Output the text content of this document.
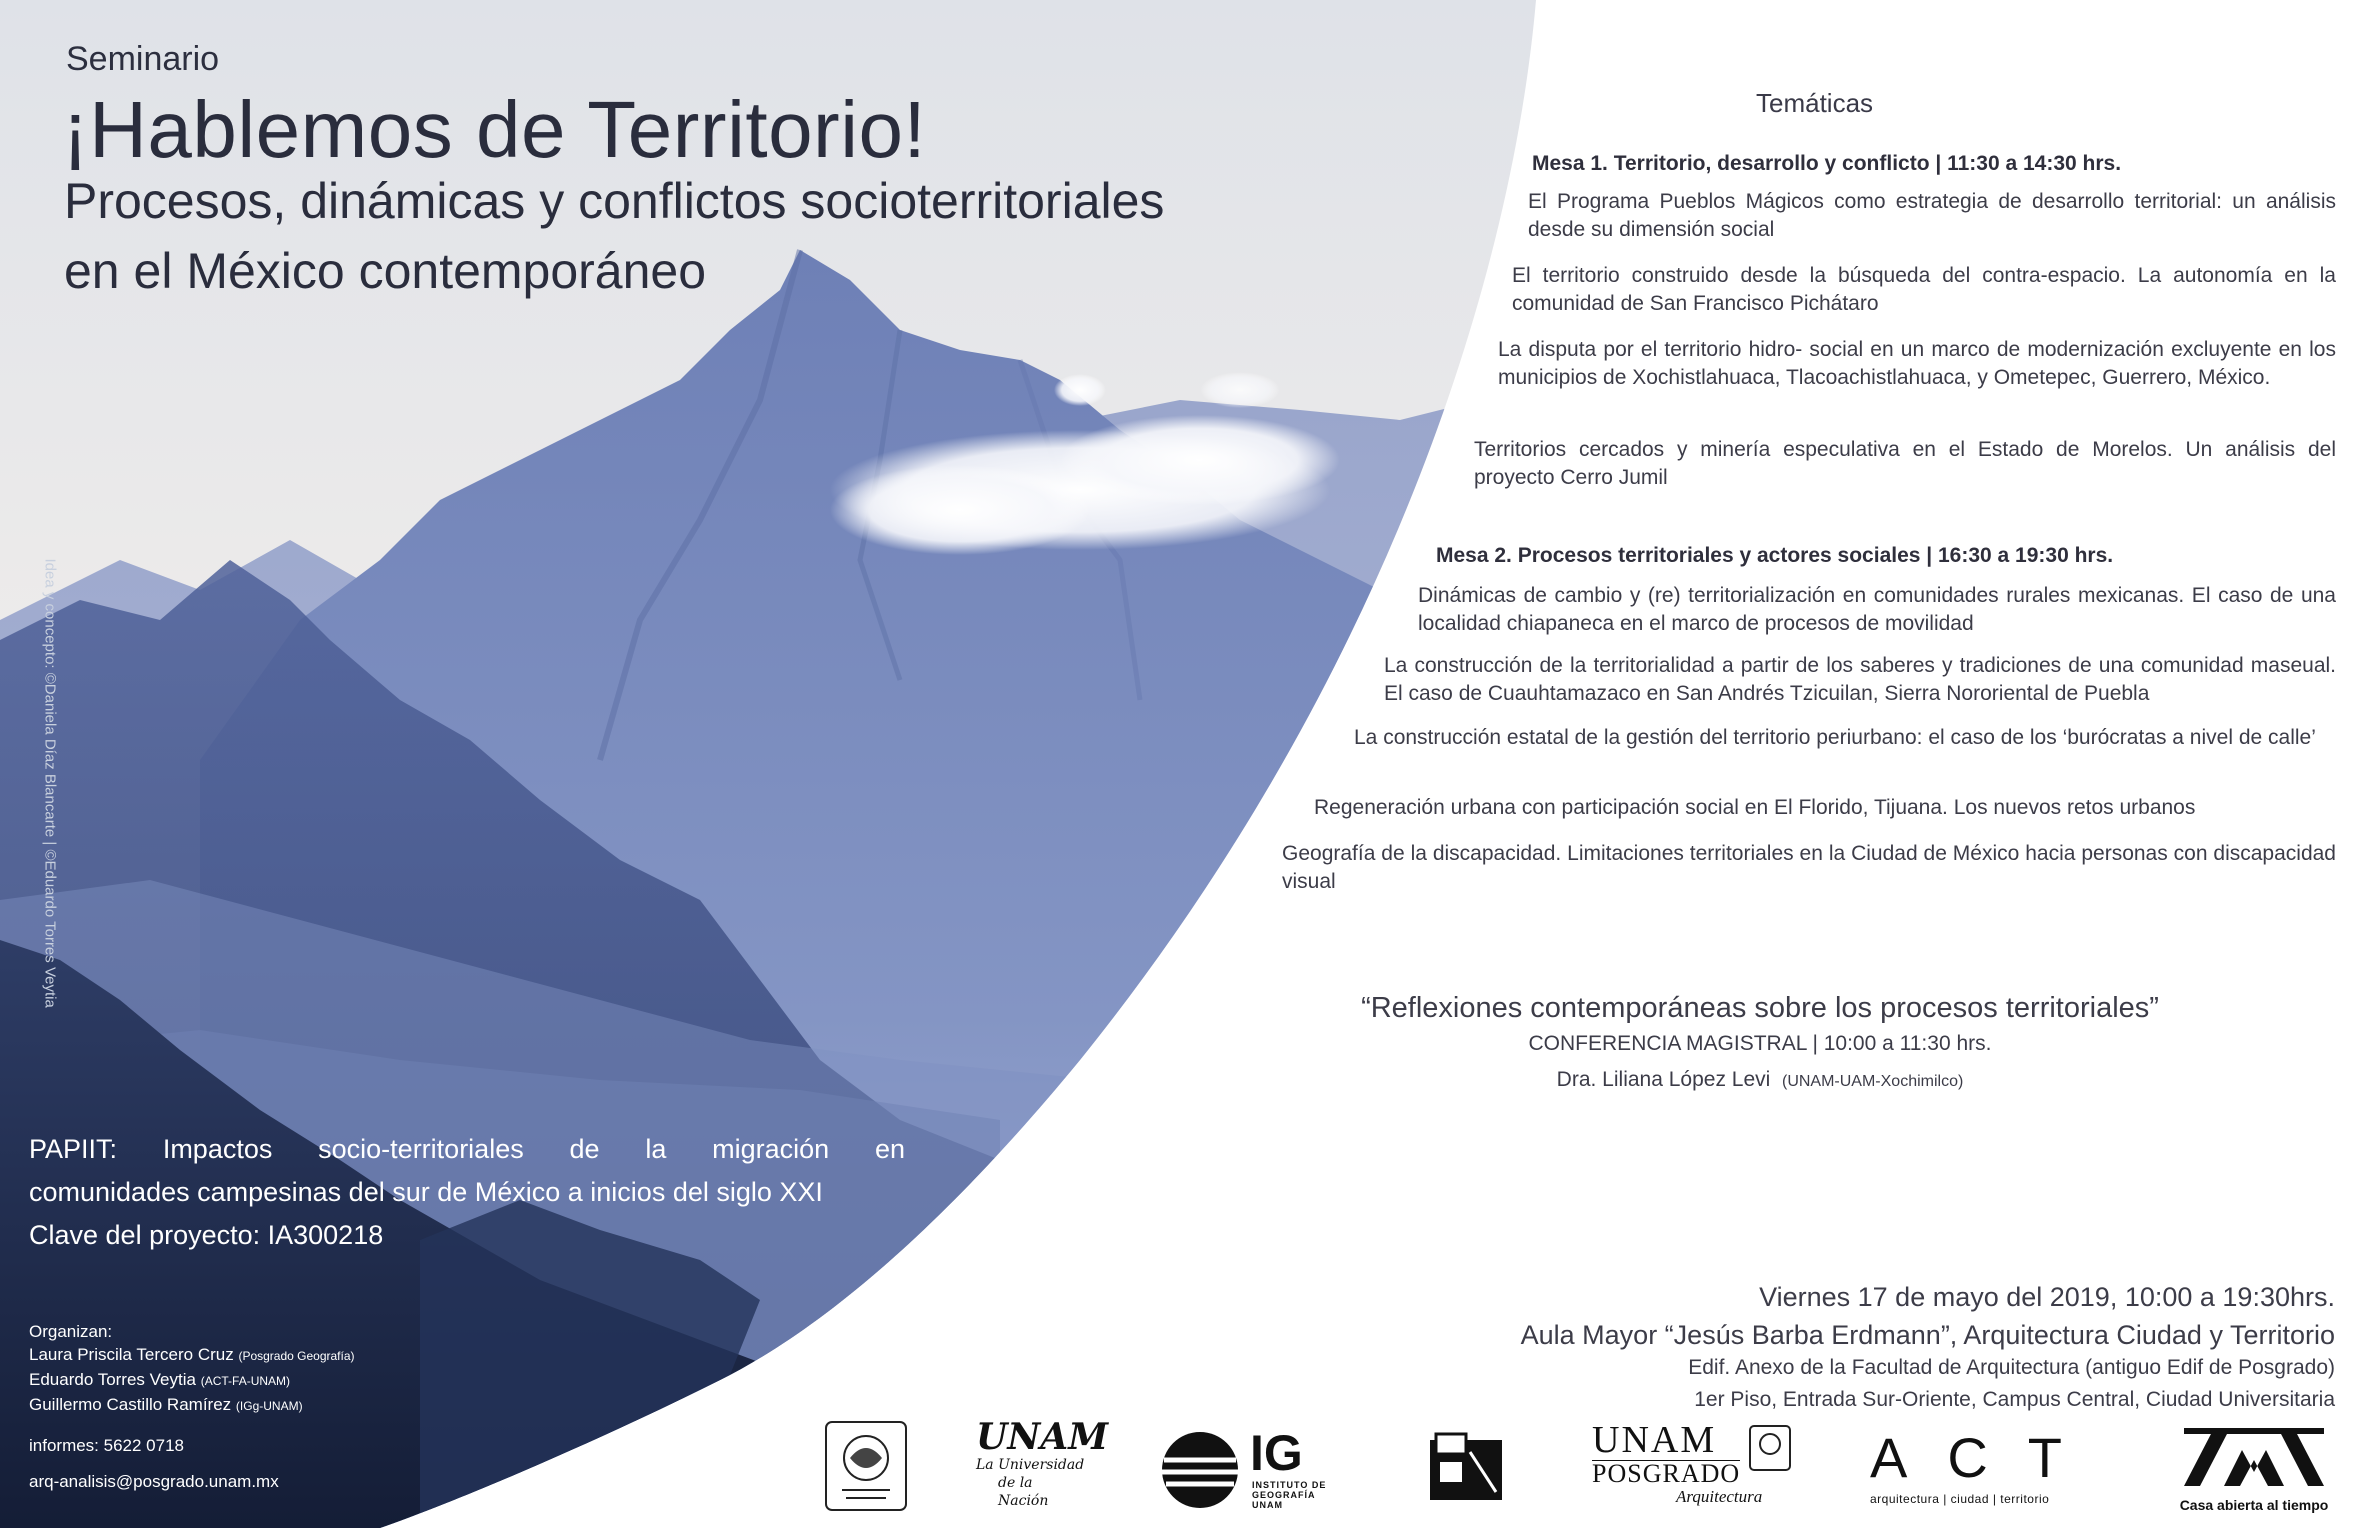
Seminario

¡Hablemos de Territorio!

Procesos, dinámicas y conflictos socioterritoriales

en el México contemporáneo

Idea y concepto: ©Daniela Díaz Blancarte | ©Eduardo Torres Veytia
PAPIIT: Impactos socio-territoriales de la migración en
comunidades campesinas del sur de México a inicios del siglo XXI
Clave del proyecto: IA300218
Organizan:
Laura Priscila Tercero Cruz (Posgrado Geografía)
Eduardo Torres Veytia (ACT-FA-UNAM)
Guillermo Castillo Ramírez (IGg-UNAM)
informes: 5622 0718
arq-analisis@posgrado.unam.mx
Temáticas
Mesa 1. Territorio, desarrollo y conflicto | 11:30 a 14:30 hrs.
El Programa Pueblos Mágicos como estrategia de desarrollo territorial: un análisis desde su dimensión social
El territorio construido desde la búsqueda del contra-espacio. La autonomía en la comunidad de San Francisco Pichátaro
La disputa por el territorio hidro- social en un marco de modernización excluyente en los municipios de Xochistlahuaca, Tlacoachistlahuaca, y Ometepec, Guerrero, México.
Territorios cercados y minería especulativa en el Estado de Morelos. Un análisis del proyecto Cerro Jumil
Mesa 2. Procesos territoriales y actores sociales | 16:30 a 19:30 hrs.
Dinámicas de cambio y (re) territorialización en comunidades rurales mexicanas. El caso de una localidad chiapaneca en el marco de procesos de movilidad
La construcción de la territorialidad a partir de los saberes y tradiciones de una comunidad maseual. El caso de Cuauhtamazaco en San Andrés Tzicuilan, Sierra Nororiental de Puebla
La construcción estatal de la gestión del territorio periurbano: el caso de los ‘burócratas a nivel de calle’
Regeneración urbana con participación social en El Florido, Tijuana. Los nuevos retos urbanos
Geografía de la discapacidad. Limitaciones territoriales en la Ciudad de México hacia personas con discapacidad visual
“Reflexiones contemporáneas sobre los procesos territoriales”
CONFERENCIA MAGISTRAL | 10:00 a 11:30 hrs.
Dra. Liliana López Levi (UNAM-UAM-Xochimilco)
Viernes 17 de mayo del 2019, 10:00 a 19:30hrs.
Aula Mayor “Jesús Barba Erdmann”, Arquitectura Ciudad y Territorio
Edif. Anexo de la Facultad de Arquitectura (antiguo Edif de Posgrado)
1er Piso, Entrada Sur-Oriente, Campus Central, Ciudad Universitaria
UNAM
La Universidad
de la Nación
IG
INSTITUTO DE
GEOGRAFÍA
UNAM
UNAM
POSGRADO
Arquitectura
ACT
arquitectura | ciudad | territorio	Casa abierta al tiempo
